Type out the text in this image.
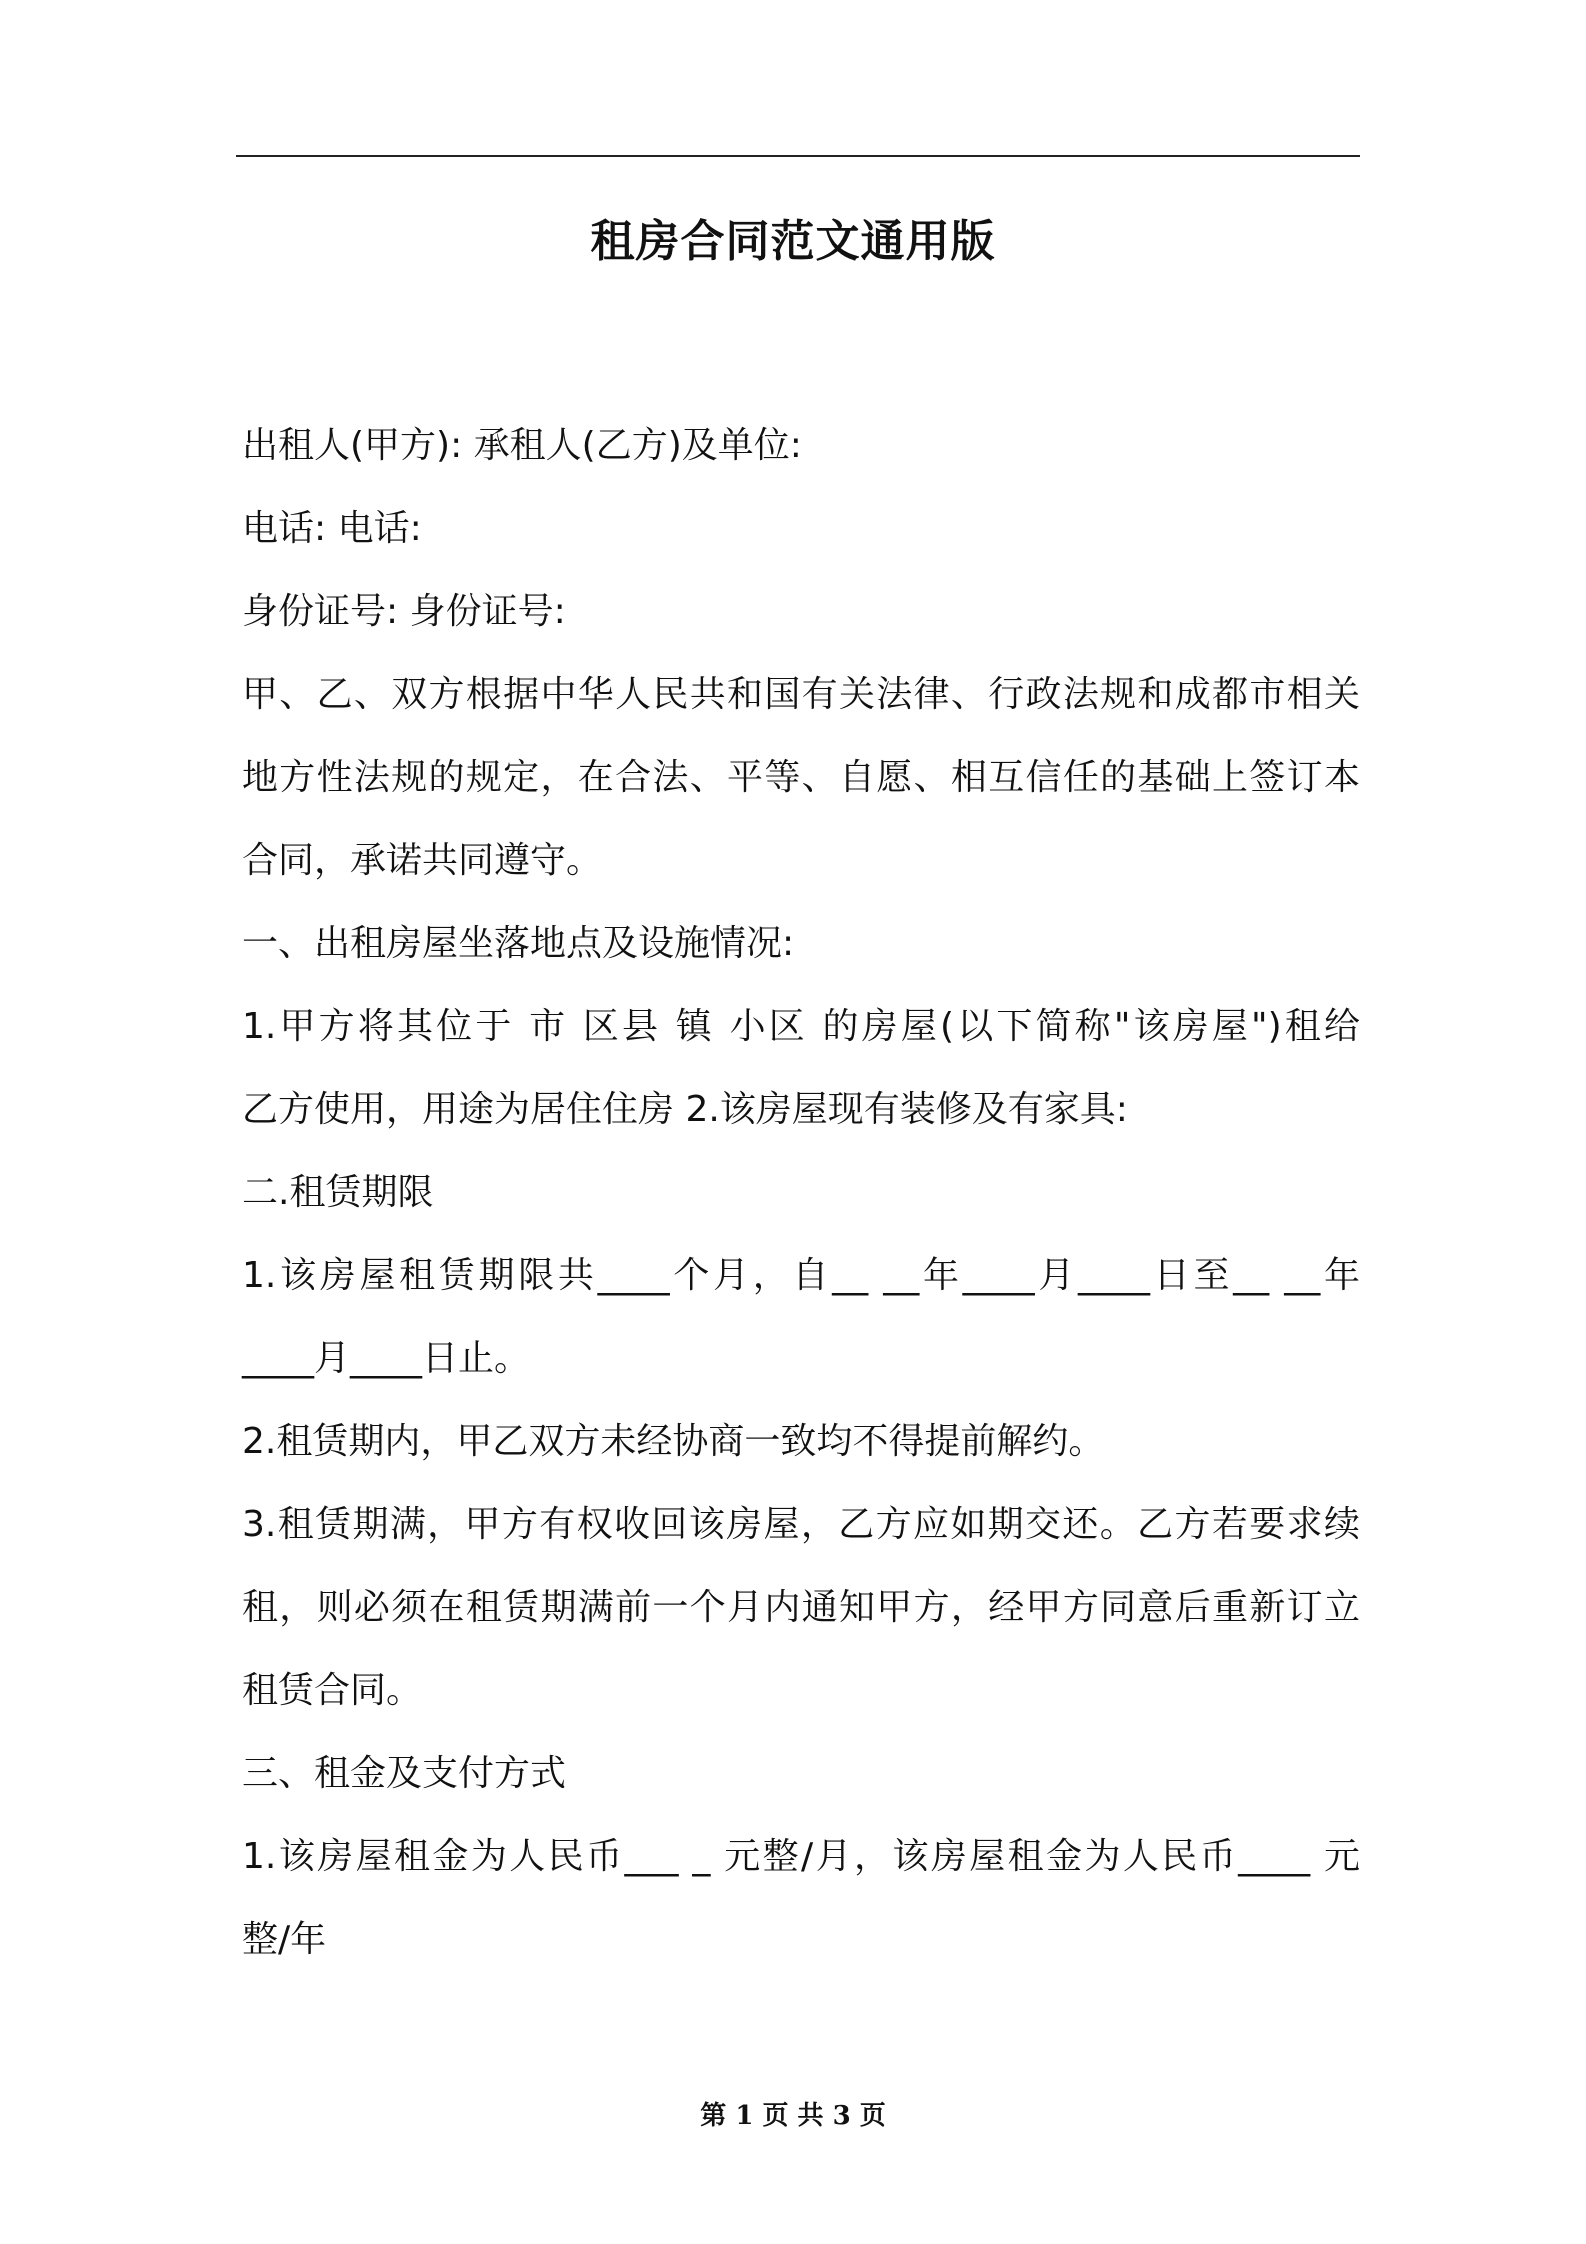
租房合同范文通用版
出租人(甲方): 承租人(乙方)及单位:
电话: 电话:
身份证号: 身份证号:
甲、乙、双方根据中华人民共和国有关法律、行政法规和成都市相关
地方性法规的规定，在合法、平等、自愿、相互信任的基础上签订本
合同，承诺共同遵守。
一、出租房屋坐落地点及设施情况:
1.甲方将其位于 市 区县 镇 小区 的房屋(以下简称"该房屋")租给
乙方使用，用途为居住住房 2.该房屋现有装修及有家具:
二.租赁期限
1.该房屋租赁期限共____个月，自__ __年____月____日至__ __年
____月____日止。
2.租赁期内，甲乙双方未经协商一致均不得提前解约。
3.租赁期满，甲方有权收回该房屋，乙方应如期交还。乙方若要求续
租，则必须在租赁期满前一个月内通知甲方，经甲方同意后重新订立
租赁合同。
三、租金及支付方式
1.该房屋租金为人民币___ _ 元整/月，该房屋租金为人民币____ 元
整/年
第 1 页 共 3 页
